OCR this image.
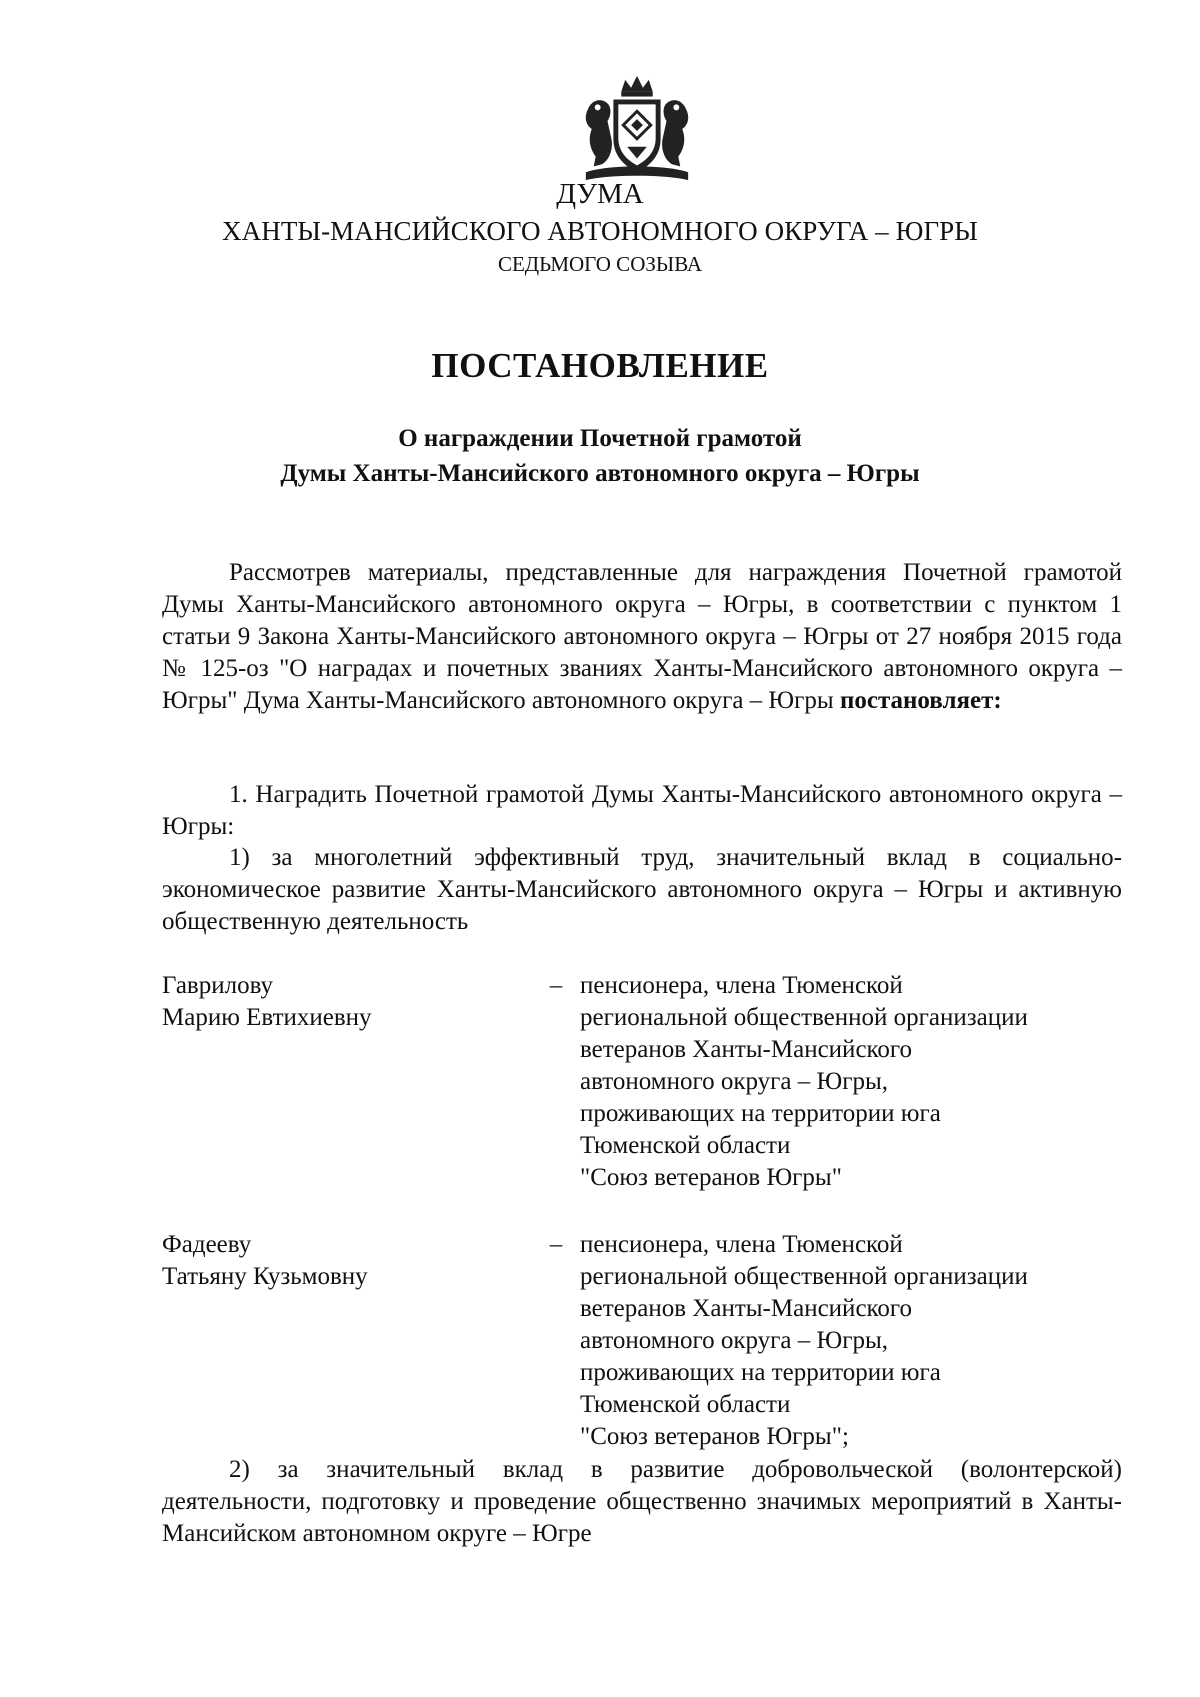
ДУМА
ХАНТЫ-МАНСИЙСКОГО АВТОНОМНОГО ОКРУГА – ЮГРЫ
СЕДЬМОГО СОЗЫВА
ПОСТАНОВЛЕНИЕ
О награждении Почетной грамотой
Думы Ханты-Мансийского автономного округа – Югры

Рассмотрев материалы, представленные для награждения Почетной грамотой Думы Ханты-Мансийского автономного округа – Югры, в соответствии с пунктом 1 статьи 9 Закона Ханты-Мансийского автономного округа – Югры от 27 ноября 2015 года № 125-оз "О наградах и почетных званиях Ханты-Мансийского автономного округа – Югры" Дума Ханты-Мансийского автономного округа – Югры постановляет:

1. Наградить Почетной грамотой Думы Ханты-Мансийского автономного округа – Югры:

1) за многолетний эффективный труд, значительный вклад в социально-экономическое развитие Ханты-Мансийского автономного округа – Югры и активную общественную деятельность

Гаврилову
Марию Евтихиевну
– пенсионера, члена Тюменской
региональной общественной организации
ветеранов Ханты-Мансийского
автономного округа – Югры,
проживающих на территории юга
Тюменской области
"Союз ветеранов Югры"
Фадееву
Татьяну Кузьмовну
– пенсионера, члена Тюменской
региональной общественной организации
ветеранов Ханты-Мансийского
автономного округа – Югры,
проживающих на территории юга
Тюменской области
"Союз ветеранов Югры";

2) за значительный вклад в развитие добровольческой (волонтерской) деятельности, подготовку и проведение общественно значимых мероприятий в Ханты-Мансийском автономном округе – Югре
